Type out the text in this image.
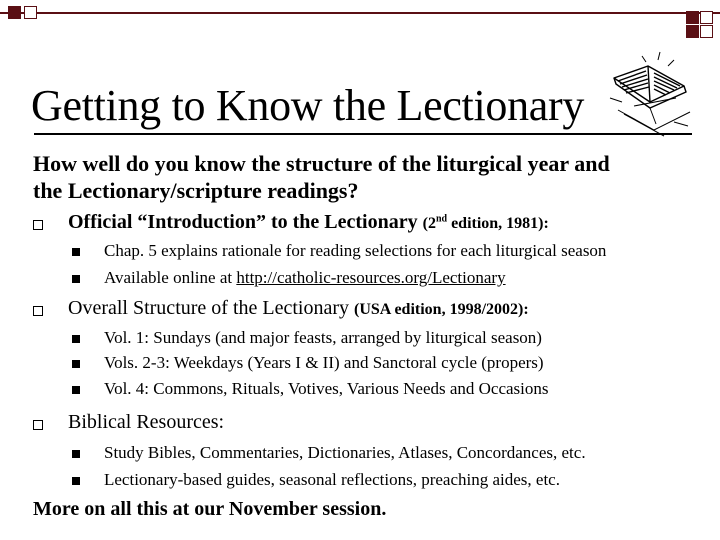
Getting to Know the Lectionary
How well do you know the structure of the liturgical year and
the Lectionary/scripture readings?
Official “Introduction” to the Lectionary (2nd edition, 1981):
Chap. 5 explains rationale for reading selections for each liturgical season
Available online at http://catholic-resources.org/Lectionary
Overall Structure of the Lectionary (USA edition, 1998/2002):
Vol. 1: Sundays (and major feasts, arranged by liturgical season)
Vols. 2-3: Weekdays (Years I & II) and Sanctoral cycle (propers)
Vol. 4: Commons, Rituals, Votives, Various Needs and Occasions
Biblical Resources:
Study Bibles, Commentaries, Dictionaries, Atlases, Concordances, etc.
Lectionary-based guides, seasonal reflections, preaching aides, etc.
More on all this at our November session.
